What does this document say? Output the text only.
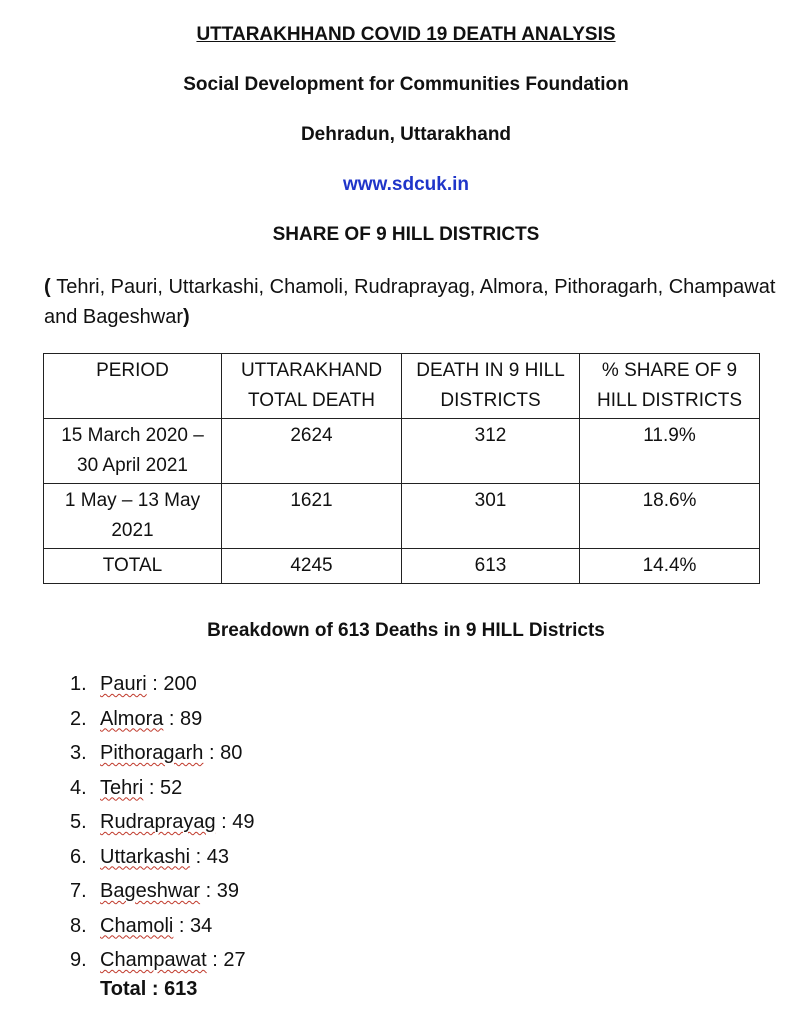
UTTARAKHHAND COVID 19 DEATH ANALYSIS
Social Development for Communities Foundation
Dehradun, Uttarakhand
www.sdcuk.in
SHARE OF 9 HILL DISTRICTS
( Tehri, Pauri, Uttarkashi, Chamoli, Rudraprayag, Almora, Pithoragarh, Champawat and Bageshwar)
PERIOD	UTTARAKHAND TOTAL DEATH	DEATH IN 9 HILL DISTRICTS	% SHARE OF 9 HILL DISTRICTS
15 March 2020 – 30 April 2021	2624	312	11.9%
1 May – 13 May 2021	1621	301	18.6%
TOTAL	4245	613	14.4%
Breakdown of 613 Deaths in 9 HILL Districts
1. Pauri : 200
2. Almora : 89
3. Pithoragarh : 80
4. Tehri : 52
5. Rudraprayag : 49
6. Uttarkashi : 43
7. Bageshwar : 39
8. Chamoli : 34
9. Champawat : 27
Total : 613
